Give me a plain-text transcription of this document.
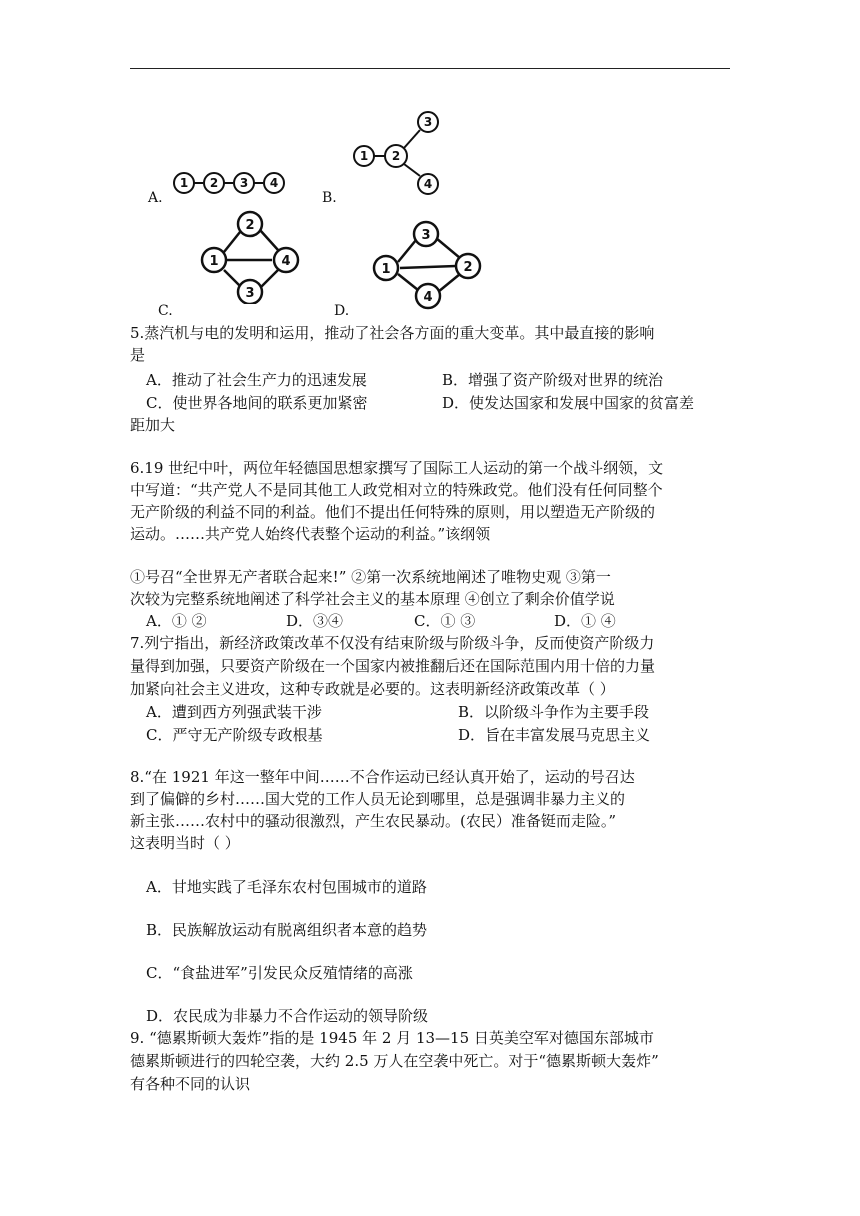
A.
1 2 3 4
B.
1 2
3
4
C.
1
2
3
4
D.
1
3
4
2
5.蒸汽机与电的发明和运用，推动了社会各方面的重大变革。其中最直接的影响
是
A．推动了社会生产力的迅速发展	B．增强了资产阶级对世界的统治
C．使世界各地间的联系更加紧密	D．使发达国家和发展中国家的贫富差
距加大
6.19 世纪中叶，两位年轻德国思想家撰写了国际工人运动的第一个战斗纲领，文
中写道：“共产党人不是同其他工人政党相对立的特殊政党。他们没有任何同整个
无产阶级的利益不同的利益。他们不提出任何特殊的原则，用以塑造无产阶级的
运动。……共产党人始终代表整个运动的利益。”该纲领
①号召“全世界无产者联合起来!” ②第一次系统地阐述了唯物史观 ③第一
次较为完整系统地阐述了科学社会主义的基本原理 ④创立了剩余价值学说
A．① ②	D．③④	C．① ③	D．① ④
7.列宁指出，新经济政策改革不仅没有结束阶级与阶级斗争，反而使资产阶级力
量得到加强，只要资产阶级在一个国家内被推翻后还在国际范围内用十倍的力量
加紧向社会主义进攻，这种专政就是必要的。这表明新经济政策改革（ ）
A．遭到西方列强武装干涉	B．以阶级斗争作为主要手段
C．严守无产阶级专政根基	D．旨在丰富发展马克思主义
8.“在 1921 年这一整年中间……不合作运动已经认真开始了，运动的号召达
到了偏僻的乡村……国大党的工作人员无论到哪里，总是强调非暴力主义的
新主张……农村中的骚动很激烈，产生农民暴动。(农民）准备铤而走险。”
这表明当时（ ）
A．甘地实践了毛泽东农村包围城市的道路
B．民族解放运动有脱离组织者本意的趋势
C．“食盐进军”引发民众反殖情绪的高涨
D．农民成为非暴力不合作运动的领导阶级
9. “德累斯顿大轰炸”指的是 1945 年 2 月 13—15 日英美空军对德国东部城市
德累斯顿进行的四轮空袭，大约 2.5 万人在空袭中死亡。对于“德累斯顿大轰炸”
有各种不同的认识
